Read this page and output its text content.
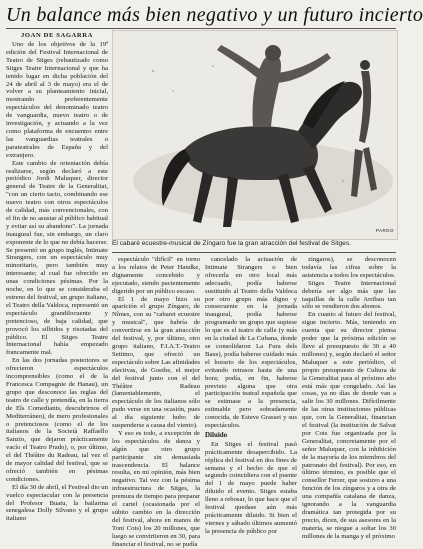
Un balance más bien negativo y un futuro incierto
JOAN DE SAGARRA

Uno de los objetivos de la 19ª edición del Festival Internacional de Teatro de Sitges (rebautizado como Sitges Teatre Internacional y que ha tenido lugar en dicha población del 24 de abril al 3 de mayo) era el de volver a su planteamiento inicial, mostrando preferentemente espectáculos del denominado teatro de vanguardia, nuevo teatro o de investigación, y actuando a la vez como plataforma de encuentro entre las vanguardias teatrales o parateatrales de España y del extranjero.

Este cambio de orientación debía realizarse, según declaró a este periódico Jordi Maluquer, director general de Teatre de la Generalitat, "con un cierto tacto, combinando ese nuevo teatro con otros espectáculos de calidad, más convencionales, con el fin de no asustar al público habitual y evitar así su abandono". La jornada inaugural fue, sin embargo, un claro exponente de lo que no debía hacerse. Se presentó un grupo inglés, Intimate Strangers, con un espectáculo muy minoritario, pero también muy interesante; al cual fue ofrecido en unas condiciones pésimas. Por la noche, en lo que se consideraba el estreno del festival, un grupo italiano, el Teatro della Valdoca, representó un espectáculo grandilocuente y pretencioso, de baja calidad, que provocó los silbidos y risotadas del público. El Sitges Teatre Internacional había empezado francamente mal.

En las dos jornadas posteriores se ofrecieron espectáculos incomprensibles (como el de la Francesca Compagnie de Hanau), un grupo que desconoce las reglas del teatro de calle y pretendía, en la tierra de Els Comediants, descubrirnos el Mediterráneo), de mero profesionales o pretenciosos (como el de los italianos de la Società Raffaello Sanzio, que dejaron prácticamente vacío el Teatro Prado), o, por último, el del Théâtre du Radeau, tal vez el de mayor calidad del festival, que se ofreció también en pésimas condiciones.

El día 30 de abril, el Festival dio un vuelco espectacular con la presencia del Profesor Buatu, la bailarina senegalesa Dolly Silvano y el grupo italiano

PARDO
El cabaré ecuestre-musical de Zíngaro fue la gran atracción del festival de Sitges.

espectáculo "difícil" en torno a los relatos de Peter Handke, dignamente concebido y ejecutado, siendo pacientemente digerido por un público escaso.

El 1 de mayo hizo su aparición el grupo Zíngaro, de Nîmes, con su "cabaret ecuestre y musical", que habría de convertirse en la gran atracción del festival, y, por último, otro grupo italiano, F.I.A.T.-Teatro Settimo, que ofreció un espectáculo sobre Las afinidades electivas, de Goethe, el mejor del festival junto con el del Théâtre Radeau (lamentablemente, el espectáculo de los italianos sólo pudo verse en una ocasión, pues al día siguiente hubo de suspenderse a causa del viento).

Y eso es todo, a excepción de los espectáculos de danza y algún que otro grupo participante sin demasiada trascendencia. El balance resulta, en mi opinión, más bien negativo. Tal vez con la pésima infraestructura de Sitges, la premura de tiempo para preparar el cartel (ocasionada por el súbito cambio en la dirección del festival, ahora en manos de Toni Cots) los 20 millones, que luego se convirtieron en 30, para financiar el festival, no se pudía

cancelado la actuación de Intimate Strangers o bien ofrecerla en otro local más adecuado, podía haberse sustituido al Teatro della Valdoca por otro grupo más digno y consecuente en la jornada inaugural, podía haberse programado un grupo que supiese lo que es el teatro de calle (y más en la ciudad de La Cubana, donde se consolidaron La Fura dels Baus), podía haberse cuidado más el horario de los espectáculos, evitando retrasos hasta de una hora; podía, en fin, haberse previsto alguna que otra participación teatral española que se estimase a la presencia, estimable pero sobradamente conocida, de Esteve Grasset y sus espectáculos.

Diluido

En Sitges el festival pasó prácticamente desapercibido. La réplica del festival en dos fines de semana y el hecho de que el segundo coincidiera con el puente del 1 de mayo puede haber diluido el evento. Sitges estaba lleno a rebosar, lo que hace que el festival quedase aún más prácticamente diluido. Si bien el viernes y sábado últimos aumentó la presencia de público por

zingaros), se desconocen todavía las cifras sobre la asistencia a todos los espectáculos.

Sitges Teatre Internacional debería ser algo más que las taquillas de la calle Arribau tan sólo se vendieron dos abonos.

En cuanto al futuro del festival, sigue incierto. Más, teniendo en cuenta que su director piensa poder que la próxima edición se lleve al presupuesto de 30 a 40 millones) y, según declaró el señor Maluquer a este periódico, el propio presupuesto de Cultura de la Generalitat para el próximo año está más que congelado. Así las cosas, ya no días de donde van a salir los 30 millones. Difícilmente de las otras instituciones públicas que, con la Generalitat, financian el festival (la institución de Salvat por Cots fue organizada por la Generalitat, concretamente por el señor Maluquer, con la inhibición de la mayoría de los miembros del patronato del festival). Por eso, en último término, es posible que el consellor Ferrer, que sostuvo a una función de los zíngaros y a otra de una compañía catalana de danza, ignorando a la vanguardia dramática tan protegida por su precio, dicen, de sus asesores en la materia, se niegue a soltar los 30 millones de la manga y el próximo
